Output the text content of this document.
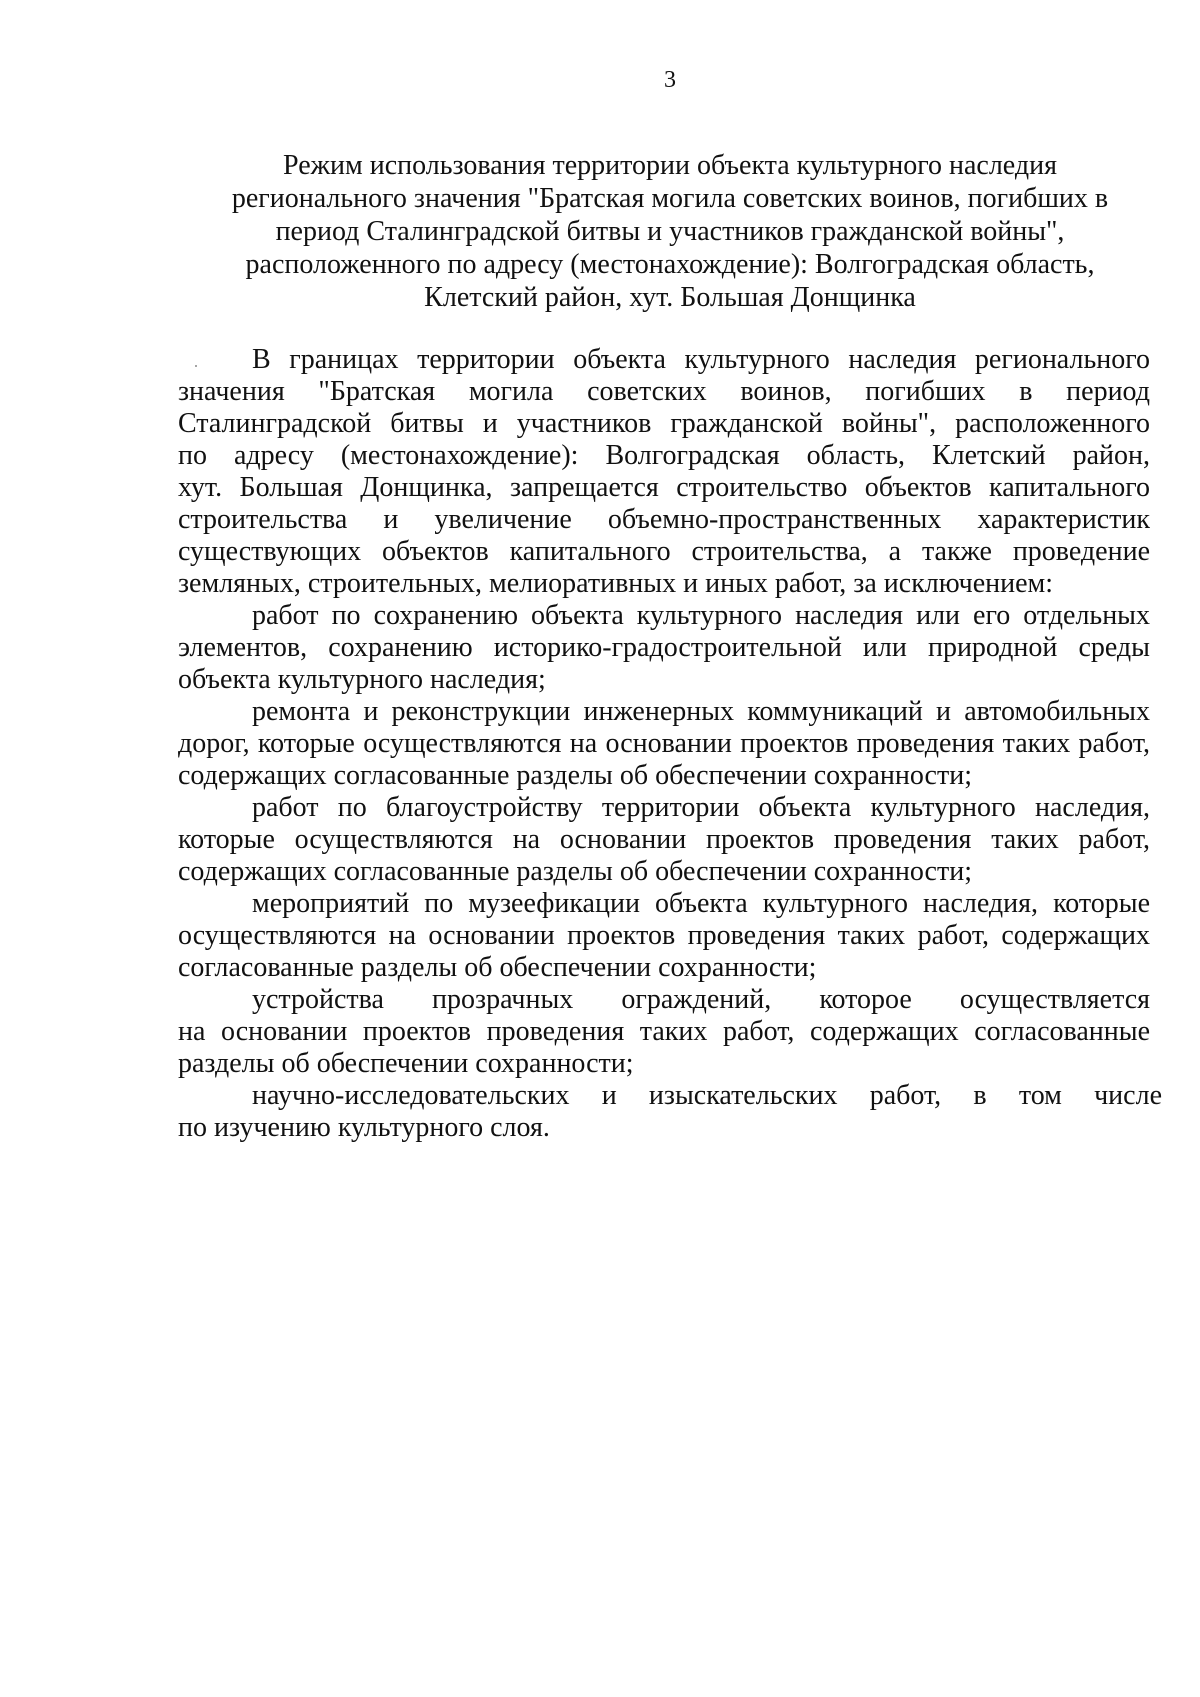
3
Режим использования территории объекта культурного наследия
регионального значения "Братская могила советских воинов, погибших в
период Сталинградской битвы и участников гражданской войны",
расположенного по адресу (местонахождение): Волгоградская область,
Клетский район, хут. Большая Донщинка
В границах территории объекта культурного наследия регионального
значения "Братская могила советских воинов, погибших в период
Сталинградской битвы и участников гражданской войны", расположенного
по адресу (местонахождение): Волгоградская область, Клетский район,
хут. Большая Донщинка, запрещается строительство объектов капитального
строительства и увеличение объемно-пространственных характеристик
существующих объектов капитального строительства, а также проведение
земляных, строительных, мелиоративных и иных работ, за исключением:
работ по сохранению объекта культурного наследия или его отдельных
элементов, сохранению историко-градостроительной или природной среды
объекта культурного наследия;
ремонта и реконструкции инженерных коммуникаций и автомобильных
дорог, которые осуществляются на основании проектов проведения таких работ,
содержащих согласованные разделы об обеспечении сохранности;
работ по благоустройству территории объекта культурного наследия,
которые осуществляются на основании проектов проведения таких работ,
содержащих согласованные разделы об обеспечении сохранности;
мероприятий по музеефикации объекта культурного наследия, которые
осуществляются на основании проектов проведения таких работ, содержащих
согласованные разделы об обеспечении сохранности;
устройства прозрачных ограждений, которое осуществляется
на основании проектов проведения таких работ, содержащих согласованные
разделы об обеспечении сохранности;
научно-исследовательских и изыскательских работ, в том числе
по изучению культурного слоя.
